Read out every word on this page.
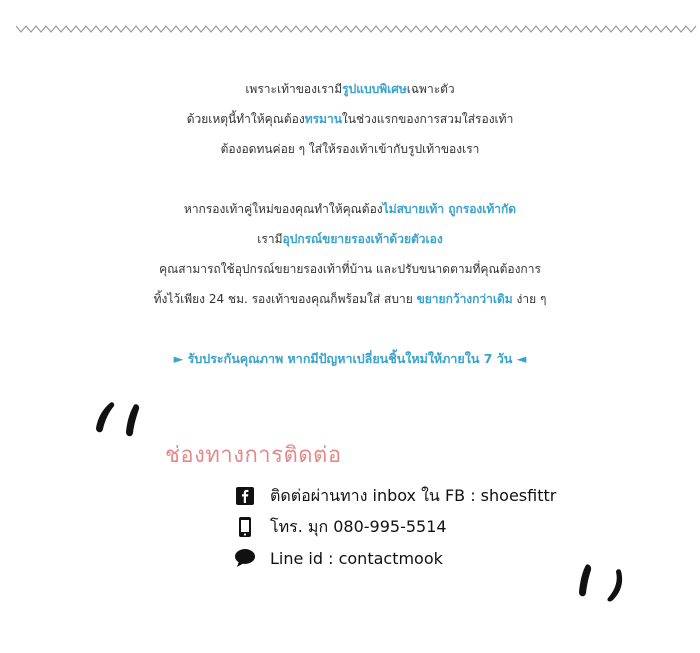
เพราะเท้าของเรามีรูปแบบพิเศษเฉพาะตัว
ด้วยเหตุนี้ทำให้คุณต้องทรมานในช่วงแรกของการสวมใส่รองเท้า
ต้องอดทนค่อย ๆ ใส่ให้รองเท้าเข้ากับรูปเท้าของเรา
หากรองเท้าคู่ใหม่ของคุณทำให้คุณต้องไม่สบายเท้า ถูกรองเท้ากัด
เรามีอุปกรณ์ขยายรองเท้าด้วยตัวเอง
คุณสามารถใช้อุปกรณ์ขยายรองเท้าที่บ้าน และปรับขนาดตามที่คุณต้องการ
ทิ้งไว้เพียง 24 ชม. รองเท้าของคุณก็พร้อมใส่ สบาย ขยายกว้างกว่าเดิม ง่าย ๆ
► รับประกันคุณภาพ หากมีปัญหาเปลี่ยนชิ้นใหม่ให้ภายใน 7 วัน ◄
ช่องทางการติดต่อ
ติดต่อผ่านทาง inbox ใน FB : shoesfittr
โทร. มุก 080-995-5514
Line id : contactmook
